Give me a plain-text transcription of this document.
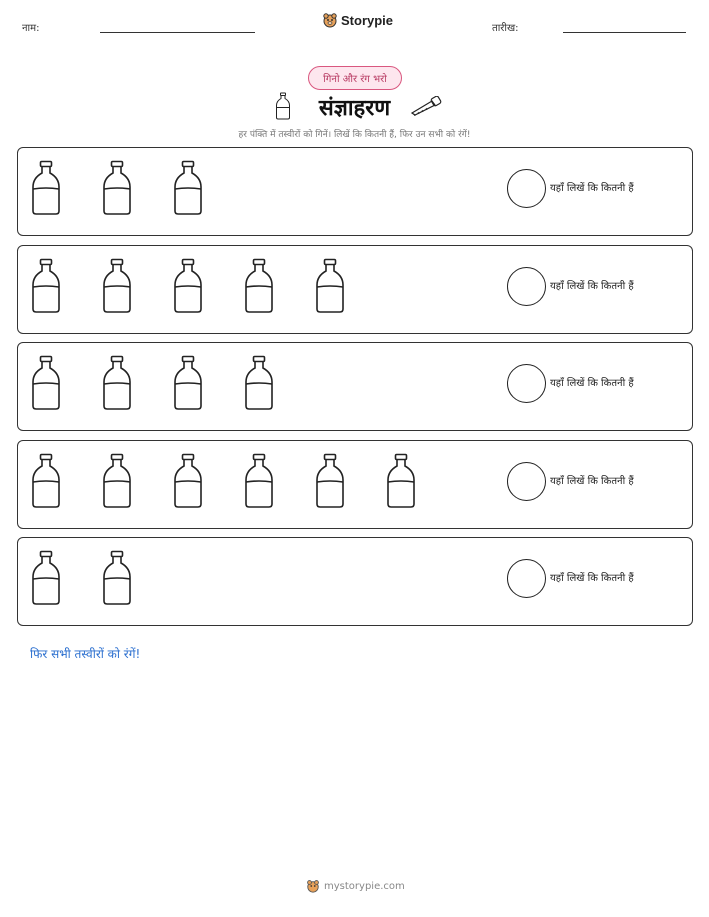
नाम:
Storypie
तारीख:
गिनो और रंग भरो
संज्ञाहरण
हर पंक्ति में तस्वीरों को गिनें। लिखें कि कितनी हैं, फिर उन सभी को रंगें!
यहाँ लिखें कि कितनी हैं
यहाँ लिखें कि कितनी हैं
यहाँ लिखें कि कितनी हैं
यहाँ लिखें कि कितनी हैं
यहाँ लिखें कि कितनी हैं
फिर सभी तस्वीरों को रंगें!
mystorypie.com
